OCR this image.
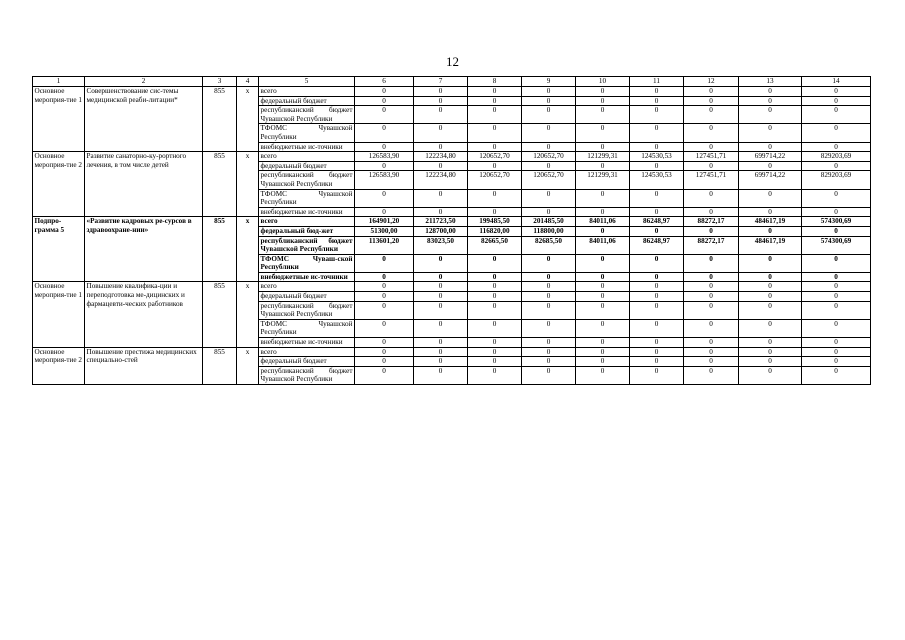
12
1	2	3	4	5	6	7	8	9	10	11	12	13	14
Основное мероприя-тие 1	Совершенствование сис-темы медицинской реаби-литации*	855	х	всего	0	0	0	0	0	0	0	0	0
				федеральный бюджет	0	0	0	0	0	0	0	0	0
				республиканский бюджет Чувашской Республики	0	0	0	0	0	0	0	0	0
				ТФОМС Чувашской Республики	0	0	0	0	0	0	0	0	0
				внебюджетные ис-точники	0	0	0	0	0	0	0	0	0
Основное мероприя-тие 2	Развитие санаторно-ку-рортного лечения, в том числе детей	855	х	всего	126583,90	122234,80	120652,70	120652,70	121299,31	124530,53	127451,71	699714,22	829203,69
				федеральный бюджет	0	0	0	0	0	0	0	0	0
				республиканский бюджет Чувашской Республики	126583,90	122234,80	120652,70	120652,70	121299,31	124530,53	127451,71	699714,22	829203,69
				ТФОМС Чувашской Республики	0	0	0	0	0	0	0	0	0
				внебюджетные ис-точники	0	0	0	0	0	0	0	0	0
Подпро-грамма 5	«Развитие кадровых ре-сурсов в здравоохране-нии»	855	х	всего	164901,20	211723,50	199485,50	201485,50	84011,06	86248,97	88272,17	484617,19	574300,69
				федеральный бюд-жет	51300,00	128700,00	116820,00	118800,00	0	0	0	0	0
				республиканский бюджет Чувашской Республики	113601,20	83023,50	82665,50	82685,50	84011,06	86248,97	88272,17	484617,19	574300,69
				ТФОМС Чуваш-ской Республики	0	0	0	0	0	0	0	0	0
				внебюджетные ис-точники	0	0	0	0	0	0	0	0	0
Основное мероприя-тие 1	Повышение квалифика-ции и переподготовка ме-дицинских и фармацевти-ческих работников	855	х	всего	0	0	0	0	0	0	0	0	0
				федеральный бюджет	0	0	0	0	0	0	0	0	0
				республиканский бюджет Чувашской Республики	0	0	0	0	0	0	0	0	0
				ТФОМС Чувашской Республики	0	0	0	0	0	0	0	0	0
				внебюджетные ис-точники	0	0	0	0	0	0	0	0	0
Основное мероприя-тие 2	Повышение престижа медицинских специально-стей	855	х	всего	0	0	0	0	0	0	0	0	0
				федеральный бюджет	0	0	0	0	0	0	0	0	0
				республиканский бюджет Чувашской Республики	0	0	0	0	0	0	0	0	0
